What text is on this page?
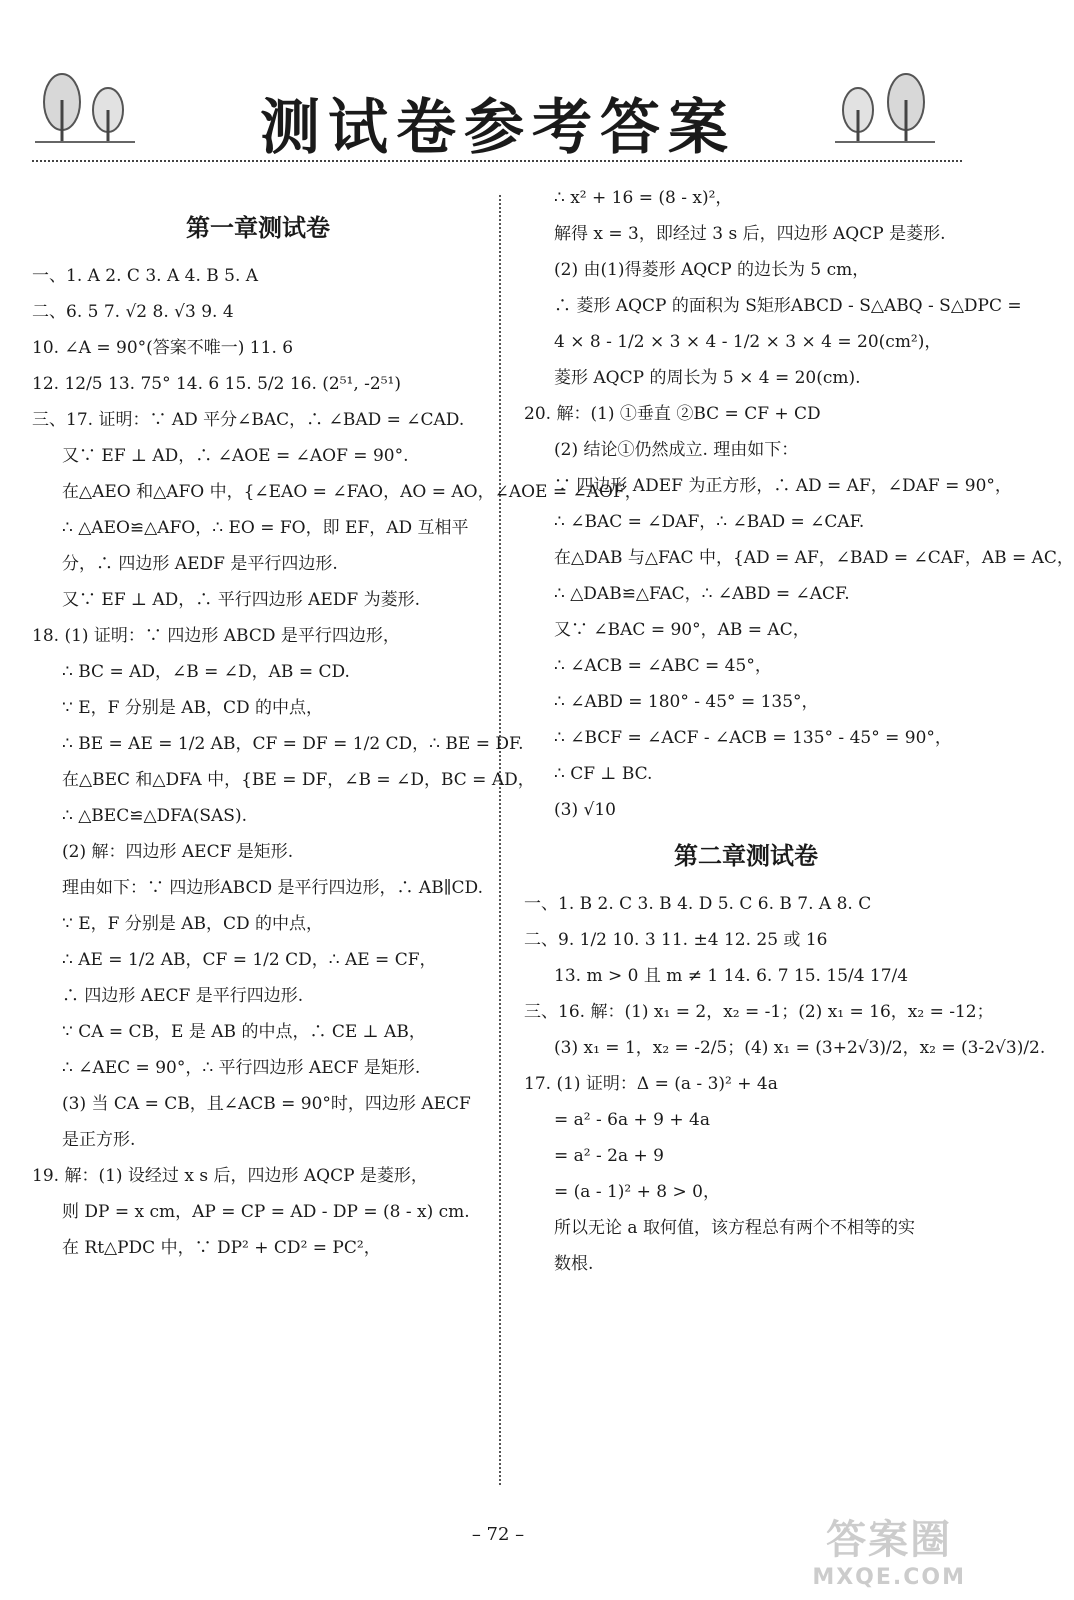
测试卷参考答案
第一章测试卷
一、1. A 2. C 3. A 4. B 5. A
二、6. 5 7. √2 8. √3 9. 4
10. ∠A = 90°(答案不唯一) 11. 6
12. 12/5 13. 75° 14. 6 15. 5/2 16. (2⁵¹, -2⁵¹)
三、17. 证明：∵ AD 平分∠BAC，∴ ∠BAD = ∠CAD.
又∵ EF ⊥ AD，∴ ∠AOE = ∠AOF = 90°.
在△AEO 和△AFO 中，{∠EAO = ∠FAO，AO = AO，∠AOE = ∠AOF，
∴ △AEO≌△AFO，∴ EO = FO，即 EF，AD 互相平
分，∴ 四边形 AEDF 是平行四边形.
又∵ EF ⊥ AD，∴ 平行四边形 AEDF 为菱形.
18. (1) 证明：∵ 四边形 ABCD 是平行四边形，
∴ BC = AD，∠B = ∠D，AB = CD.
∵ E，F 分别是 AB，CD 的中点，
∴ BE = AE = 1/2 AB，CF = DF = 1/2 CD，∴ BE = DF.
在△BEC 和△DFA 中，{BE = DF，∠B = ∠D，BC = AD，
∴ △BEC≌△DFA(SAS).
(2) 解：四边形 AECF 是矩形.
理由如下：∵ 四边形ABCD 是平行四边形，∴ AB∥CD.
∵ E，F 分别是 AB，CD 的中点，
∴ AE = 1/2 AB，CF = 1/2 CD，∴ AE = CF，
∴ 四边形 AECF 是平行四边形.
∵ CA = CB，E 是 AB 的中点，∴ CE ⊥ AB，
∴ ∠AEC = 90°，∴ 平行四边形 AECF 是矩形.
(3) 当 CA = CB，且∠ACB = 90°时，四边形 AECF
是正方形.
19. 解：(1) 设经过 x s 后，四边形 AQCP 是菱形，
则 DP = x cm，AP = CP = AD - DP = (8 - x) cm.
在 Rt△PDC 中，∵ DP² + CD² = PC²，
∴ x² + 16 = (8 - x)²，
解得 x = 3，即经过 3 s 后，四边形 AQCP 是菱形.
(2) 由(1)得菱形 AQCP 的边长为 5 cm，
∴ 菱形 AQCP 的面积为 S矩形ABCD - S△ABQ - S△DPC =
4 × 8 - 1/2 × 3 × 4 - 1/2 × 3 × 4 = 20(cm²)，
菱形 AQCP 的周长为 5 × 4 = 20(cm).
20. 解：(1) ①垂直 ②BC = CF + CD
(2) 结论①仍然成立. 理由如下：
∵ 四边形 ADEF 为正方形，∴ AD = AF，∠DAF = 90°，
∴ ∠BAC = ∠DAF，∴ ∠BAD = ∠CAF.
在△DAB 与△FAC 中，{AD = AF，∠BAD = ∠CAF，AB = AC，
∴ △DAB≌△FAC，∴ ∠ABD = ∠ACF.
又∵ ∠BAC = 90°，AB = AC，
∴ ∠ACB = ∠ABC = 45°，
∴ ∠ABD = 180° - 45° = 135°，
∴ ∠BCF = ∠ACF - ∠ACB = 135° - 45° = 90°，
∴ CF ⊥ BC.
(3) √10
第二章测试卷
一、1. B 2. C 3. B 4. D 5. C 6. B 7. A 8. C
二、9. 1/2 10. 3 11. ±4 12. 25 或 16
13. m > 0 且 m ≠ 1 14. 6. 7 15. 15/4 17/4
三、16. 解：(1) x₁ = 2，x₂ = -1；(2) x₁ = 16，x₂ = -12；
(3) x₁ = 1，x₂ = -2/5；(4) x₁ = (3+2√3)/2，x₂ = (3-2√3)/2.
17. (1) 证明：Δ = (a - 3)² + 4a
= a² - 6a + 9 + 4a
= a² - 2a + 9
= (a - 1)² + 8 > 0，
所以无论 a 取何值，该方程总有两个不相等的实
数根.
– 72 –	答案圈
MXQE.COM
